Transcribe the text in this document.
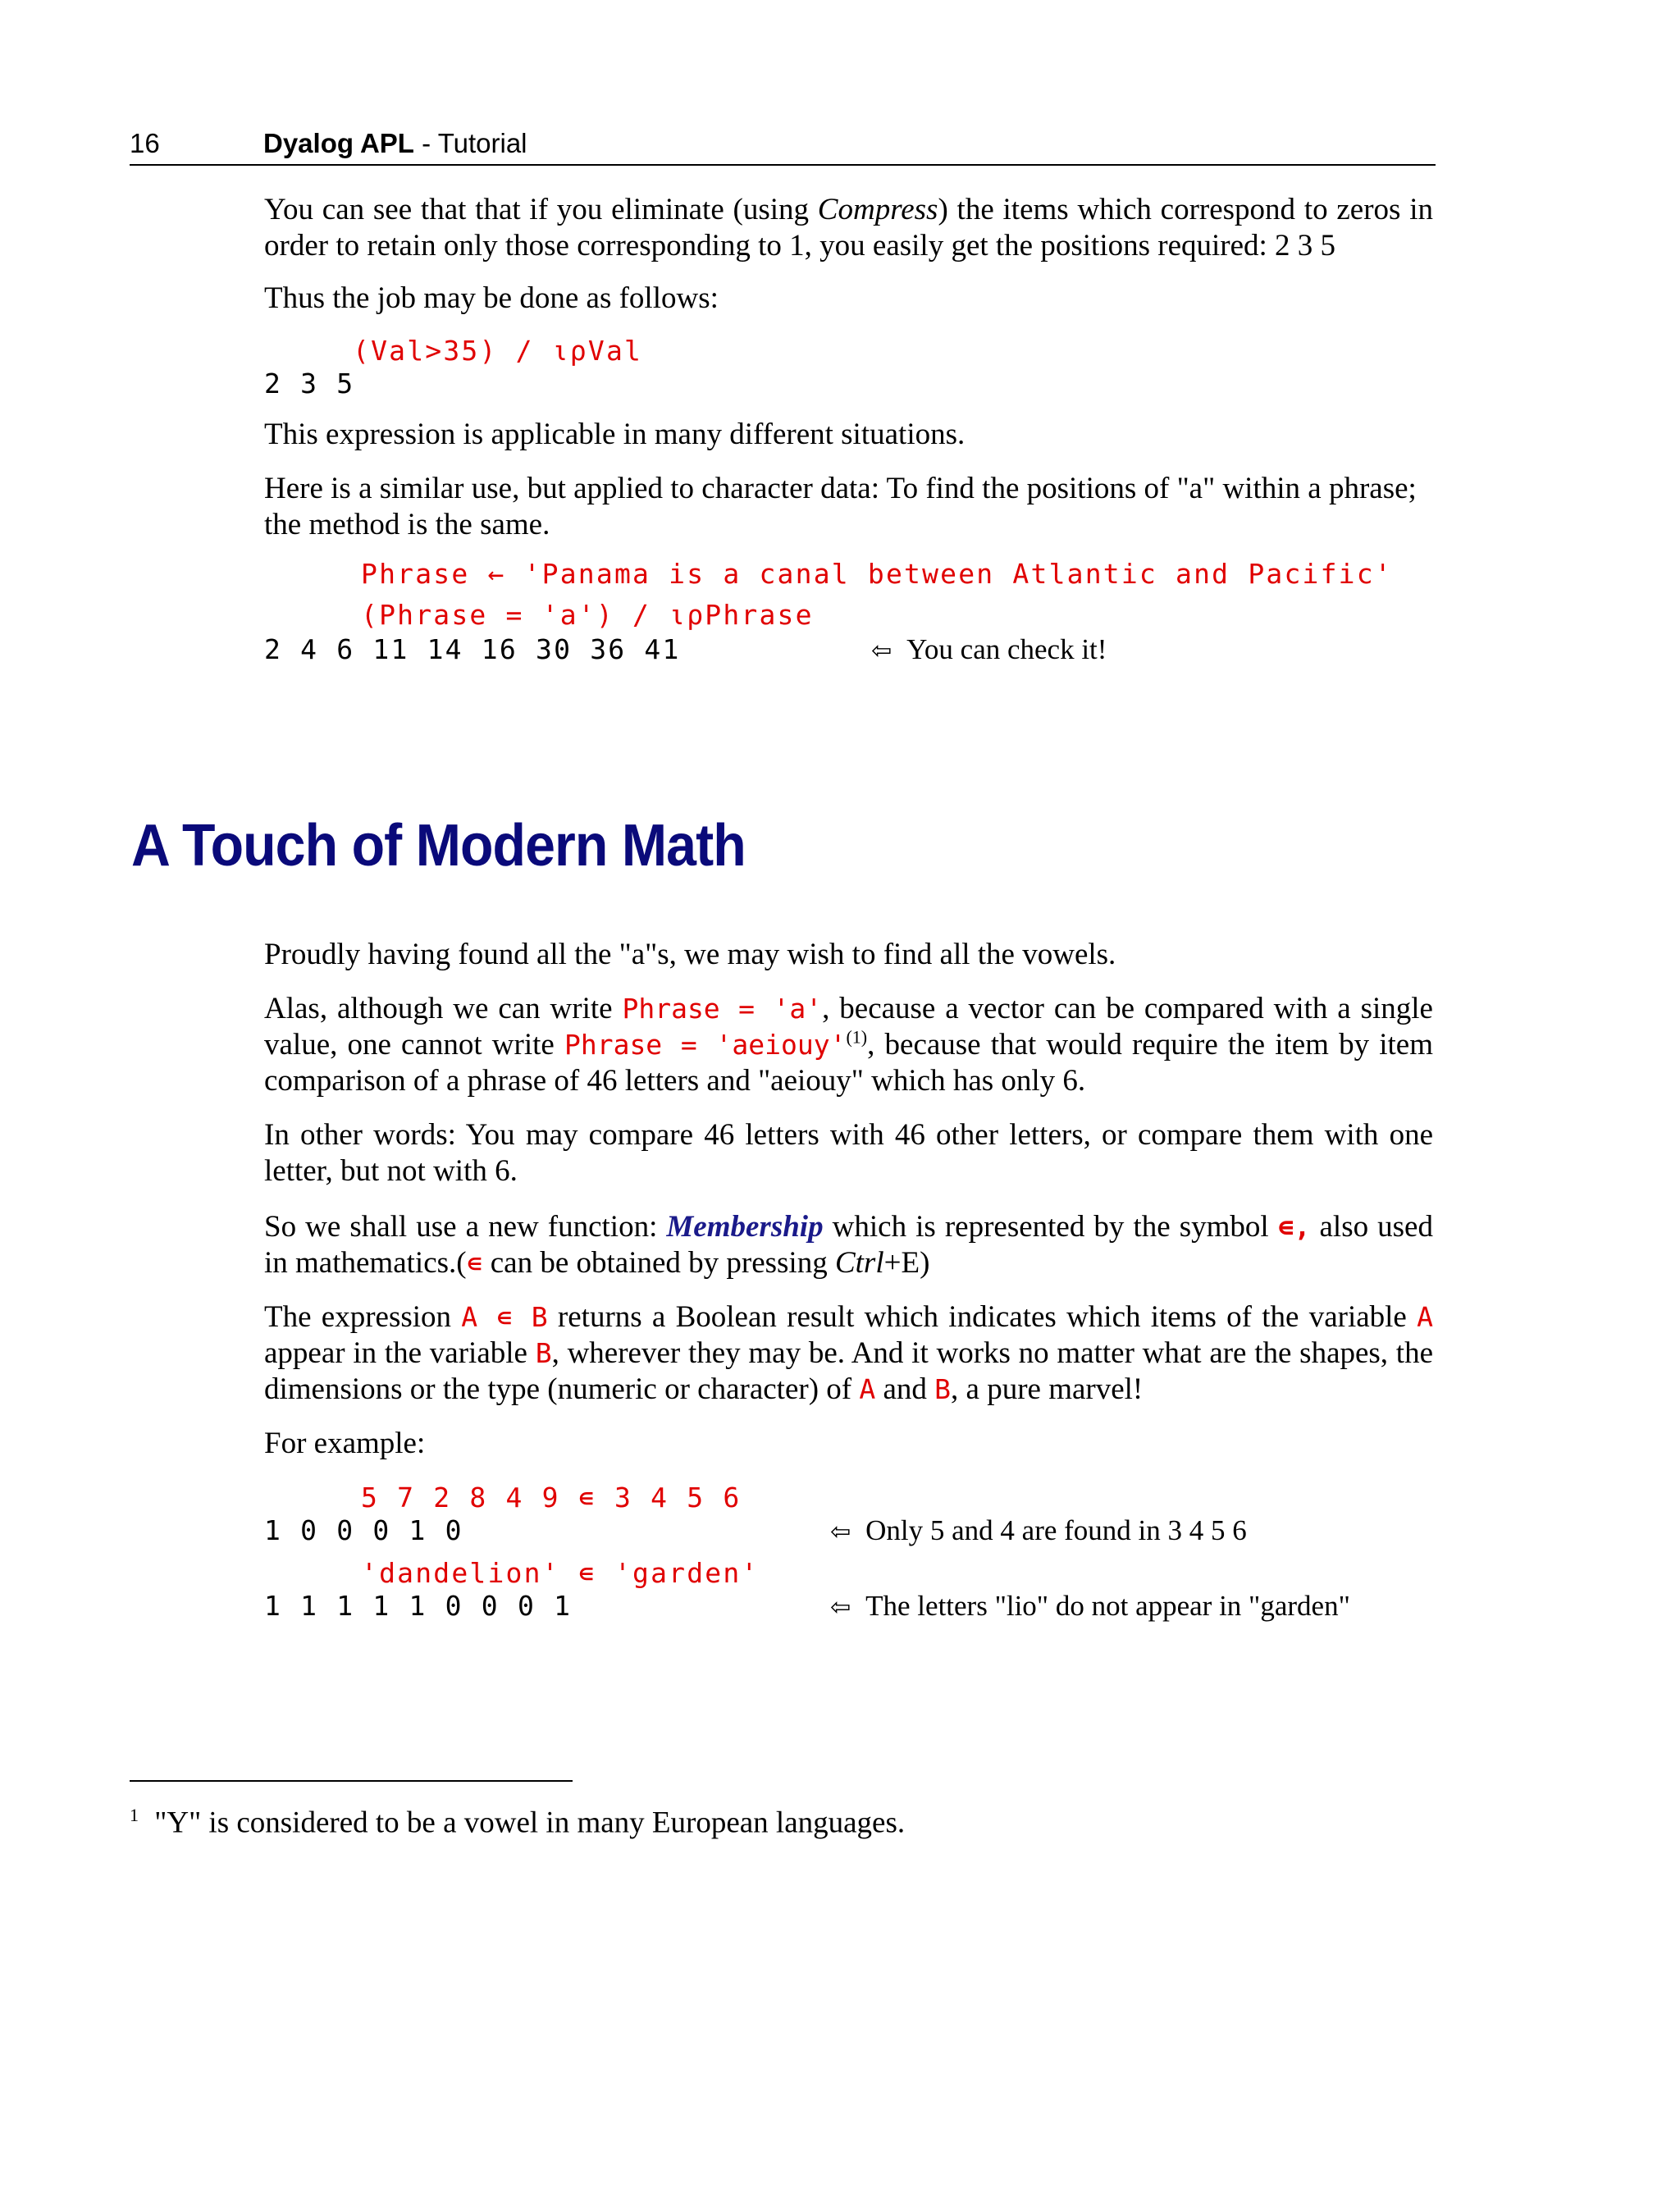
16	Dyalog APL - Tutorial

You can see that that if you eliminate (using Compress) the items which correspond to zeros in order to retain only those corresponding to 1, you easily get the positions required: 2 3 5

Thus the job may be done as follows:

(Val>35) / ⍳⍴Val
2 3 5

This expression is applicable in many different situations.

Here is a similar use, but applied to character data: To find the positions of "a" within a phrase; the method is the same.

Phrase ← 'Panama is a canal between Atlantic and Pacific'
(Phrase = 'a') / ⍳⍴Phrase
2 4 6 11 14 16 30 36 41	⇦ You can check it!
A Touch of Modern Math

Proudly having found all the "a"s, we may wish to find all the vowels.

Alas, although we can write Phrase = 'a', because a vector can be compared with a single value, one cannot write Phrase = 'aeiouy'$^{(1)}$, because that would require the item by item comparison of a phrase of 46 letters and "aeiouy" which has only 6.

In other words: You may compare 46 letters with 46 other letters, or compare them with one letter, but not with 6.

So we shall use a new function: Membership which is represented by the symbol ∊, also used in mathematics.(∊ can be obtained by pressing Ctrl+E)

The expression A ∊ B returns a Boolean result which indicates which items of the variable A appear in the variable B, wherever they may be. And it works no matter what are the shapes, the dimensions or the type (numeric or character) of A and B, a pure marvel!

For example:

5 7 2 8 4 9 ∊ 3 4 5 6
1 0 0 0 1 0	⇦ Only 5 and 4 are found in 3 4 5 6
'dandelion' ∊ 'garden'
1 1 1 1 1 0 0 0 1	⇦ The letters "lio" do not appear in "garden"
$^1$ "Y" is considered to be a vowel in many European languages.
